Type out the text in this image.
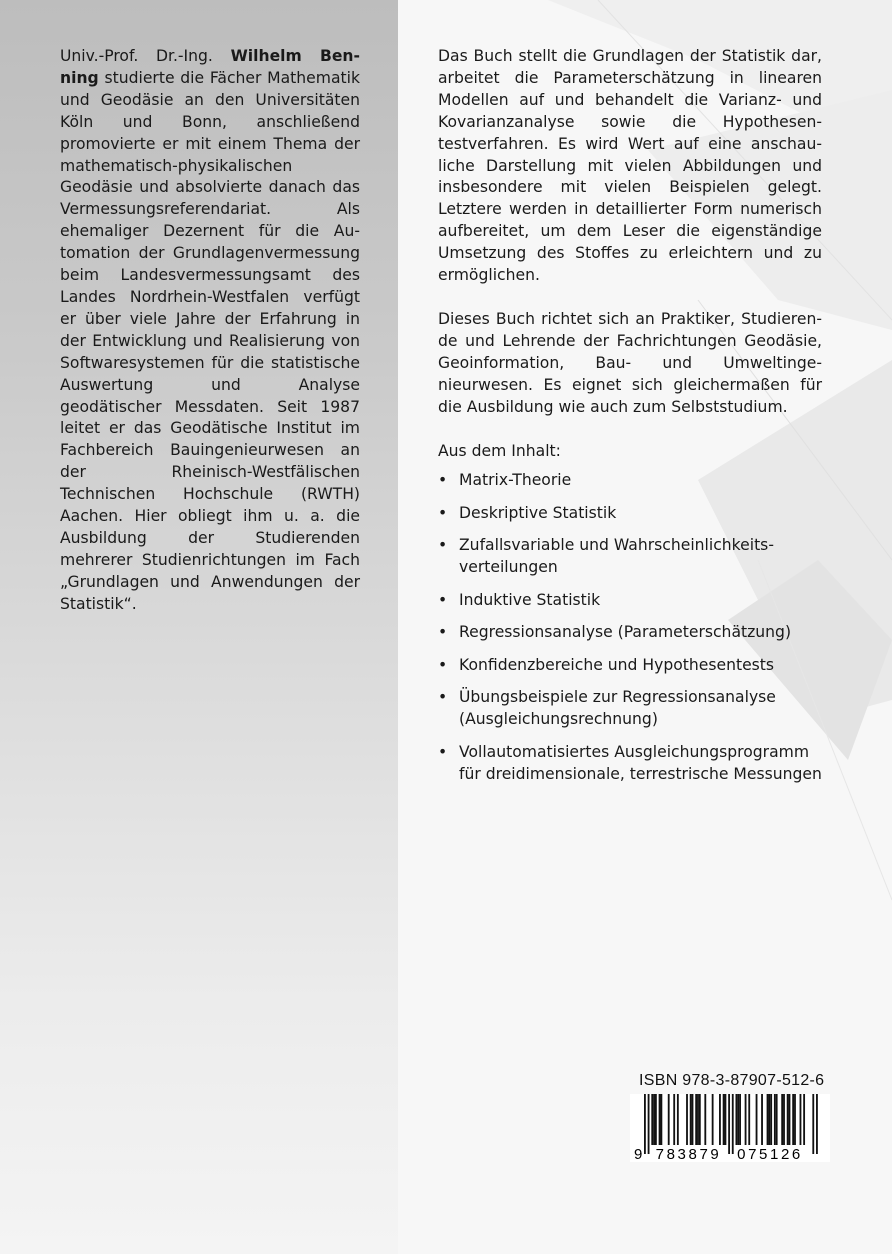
Univ.-Prof. Dr.-Ing. Wilhelm Ben-ning studierte die Fächer Mathematik und Geodäsie an den Universitäten Köln und Bonn, anschließend promovierte er mit einem Thema der mathematisch-physikalischen Geodäsie und absolvierte danach das Vermessungsreferendariat. Als ehemaliger Dezernent für die Automation der Grundlagenvermessung beim Landesvermessungsamt des Landes Nordrhein-Westfalen verfügt er über viele Jahre der Erfahrung in der Entwicklung und Realisierung von Softwaresystemen für die statistische Auswertung und Analyse geodätischer Messdaten. Seit 1987 leitet er das Geodätische Institut im Fachbereich Bauingenieurwesen an der Rheinisch-Westfälischen Technischen Hochschule (RWTH) Aachen. Hier obliegt ihm u. a. die Ausbildung der Studierenden mehrerer Studienrichtungen im Fach „Grundlagen und Anwendungen der Statistik“.

Das Buch stellt die Grundlagen der Statistik dar, arbeitet die Parameterschätzung in linearen Modellen auf und behandelt die Varianz- und Kovarianzanalyse sowie die Hypothesentestverfahren. Es wird Wert auf eine anschauliche Darstellung mit vielen Abbildungen und insbesondere mit vielen Beispielen gelegt. Letztere werden in detaillierter Form numerisch aufbereitet, um dem Leser die eigenständige Umsetzung des Stoffes zu erleichtern und zu ermöglichen.

Dieses Buch richtet sich an Praktiker, Studierende und Lehrende der Fachrichtungen Geodäsie, Geoinformation, Bau- und Umweltingenieurwesen. Es eignet sich gleichermaßen für die Ausbildung wie auch zum Selbststudium.

Aus dem Inhalt:
• Matrix-Theorie
• Deskriptive Statistik
• Zufallsvariable und Wahrscheinlichkeitsverteilungen
• Induktive Statistik
• Regressionsanalyse (Parameterschätzung)
• Konfidenzbereiche und Hypothesentests
• Übungsbeispiele zur Regressionsanalyse (Ausgleichungsrechnung)
• Vollautomatisiertes Ausgleichungsprogramm für dreidimensionale, terrestrische Messungen
ISBN 978-3-87907-512-6
9 783879 075126
